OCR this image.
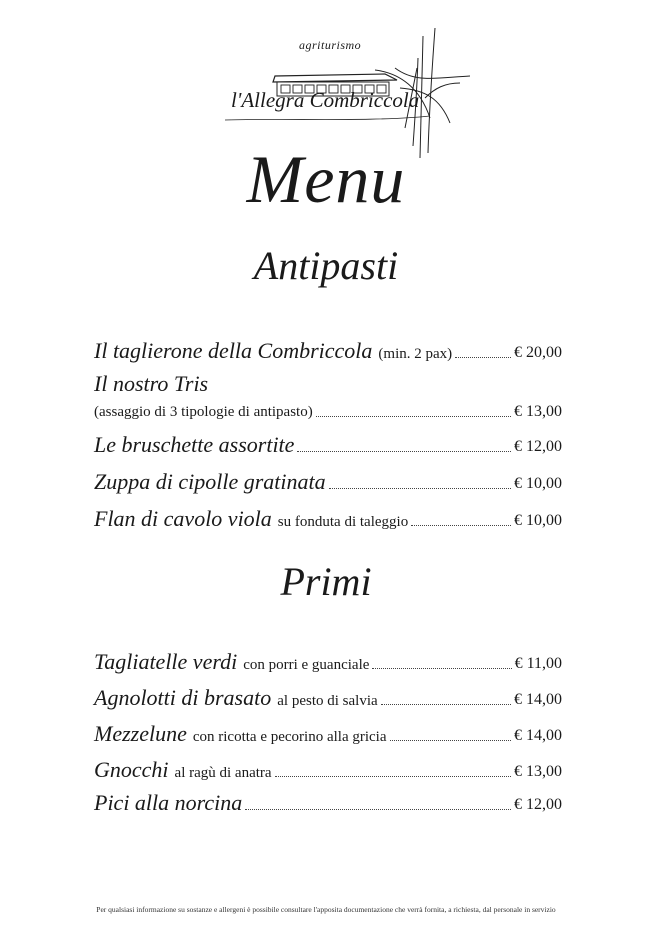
agriturismo
l'Allegra Combriccola
Menu
Antipasti
Il taglierone della Combriccola (min. 2 pax)	€ 20,00
Il nostro Tris
(assaggio di 3 tipologie di antipasto)	€ 13,00
Le bruschette assortite	€ 12,00
Zuppa di cipolle gratinata	€ 10,00
Flan di cavolo viola su fonduta di taleggio	€ 10,00
Primi
Tagliatelle verdi con porri e guanciale	€ 11,00
Agnolotti di brasato al pesto di salvia	€ 14,00
Mezzelune con ricotta e pecorino alla gricia	€ 14,00
Gnocchi al ragù di anatra	€ 13,00
Pici alla norcina	€ 12,00
Per qualsiasi informazione su sostanze e allergeni è possibile consultare l'apposita documentazione che verrà fornita, a richiesta, dal personale in servizio
